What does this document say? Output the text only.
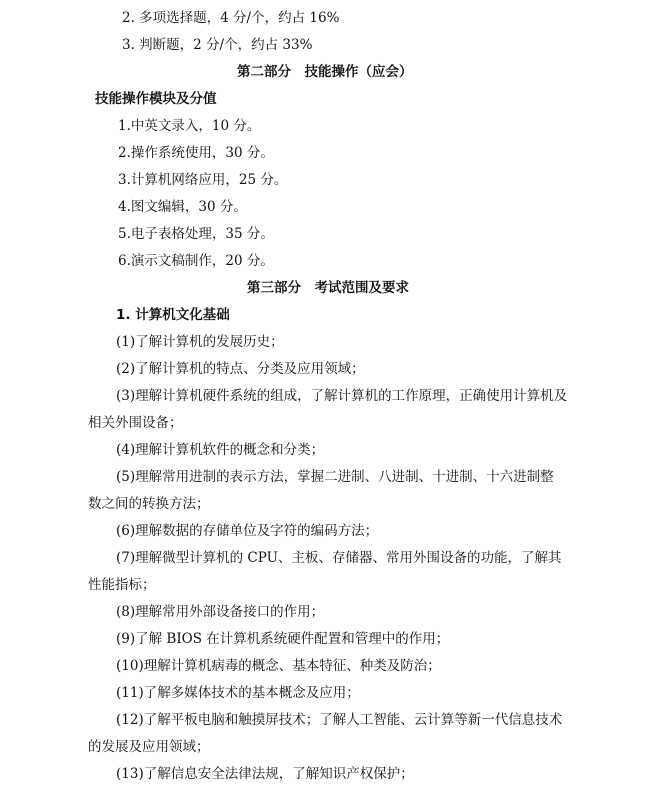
2. 多项选择题，4 分/个，约占 16%
3. 判断题，2 分/个，约占 33%
第二部分　技能操作（应会）
技能操作模块及分值
1.中英文录入，10 分。
2.操作系统使用，30 分。
3.计算机网络应用，25 分。
4.图文编辑，30 分。
5.电子表格处理，35 分。
6.演示文稿制作，20 分。
第三部分　考试范围及要求
1. 计算机文化基础
(1)了解计算机的发展历史；
(2)了解计算机的特点、分类及应用领域；
(3)理解计算机硬件系统的组成，了解计算机的工作原理，正确使用计算机及
相关外围设备；
(4)理解计算机软件的概念和分类；
(5)理解常用进制的表示方法，掌握二进制、八进制、十进制、十六进制整
数之间的转换方法；
(6)理解数据的存储单位及字符的编码方法；
(7)理解微型计算机的 CPU、主板、存储器、常用外围设备的功能，了解其
性能指标；
(8)理解常用外部设备接口的作用；
(9)了解 BIOS 在计算机系统硬件配置和管理中的作用；
(10)理解计算机病毒的概念、基本特征、种类及防治；
(11)了解多媒体技术的基本概念及应用；
(12)了解平板电脑和触摸屏技术；了解人工智能、云计算等新一代信息技术
的发展及应用领域；
(13)了解信息安全法律法规，了解知识产权保护；
